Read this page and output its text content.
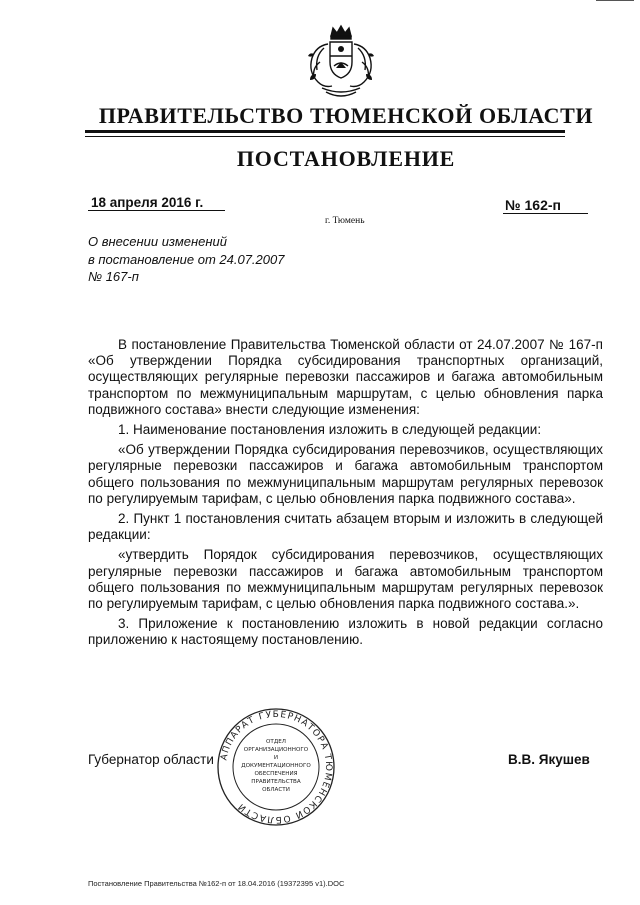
ПРАВИТЕЛЬСТВО ТЮМЕНСКОЙ ОБЛАСТИ
ПОСТАНОВЛЕНИЕ
18 апреля 2016 г.	№ 162-п
г. Тюмень
О внесении изменений
в постановление от 24.07.2007
№ 167-п

В постановление Правительства Тюменской области от 24.07.2007 № 167-п «Об утверждении Порядка субсидирования транспортных организаций, осуществляющих регулярные перевозки пассажиров и багажа автомобильным транспортом по межмуниципальным маршрутам, с целью обновления парка подвижного состава» внести следующие изменения:

1. Наименование постановления изложить в следующей редакции:

«Об утверждении Порядка субсидирования перевозчиков, осуществляющих регулярные перевозки пассажиров и багажа автомобильным транспортом общего пользования по межмуниципальным маршрутам регулярных перевозок по регулируемым тарифам, с целью обновления парка подвижного состава».

2. Пункт 1 постановления считать абзацем вторым и изложить в следующей редакции:

«утвердить Порядок субсидирования перевозчиков, осуществляющих регулярные перевозки пассажиров и багажа автомобильным транспортом общего пользования по межмуниципальным маршрутам регулярных перевозок по регулируемым тарифам, с целью обновления парка подвижного состава.».

3. Приложение к постановлению изложить в новой редакции согласно приложению к настоящему постановлению.

Губернатор области	В.В. Якушев
АППАРАТ ГУБЕРНАТОРА ТЮМЕНСКОЙ ОБЛАСТИ
ОТДЕЛ
ОРГАНИЗАЦИОННОГО
И
ДОКУМЕНТАЦИОННОГО
ОБЕСПЕЧЕНИЯ
ПРАВИТЕЛЬСТВА
ОБЛАСТИ
Постановление Правительства №162-п от 18.04.2016 (19372395 v1).DOC
